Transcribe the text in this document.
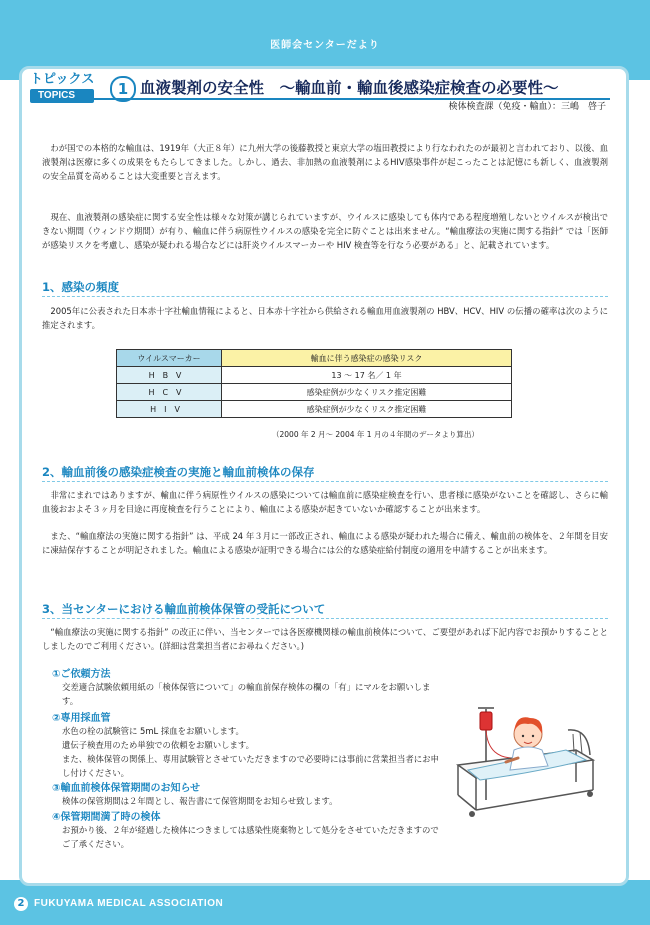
医師会センターだより
トピックス
TOPICS	1 血液製剤の安全性　～輸血前・輸血後感染症検査の必要性～
検体検査課（免疫・輸血）：三嶋　啓子

　わが国での本格的な輸血は、1919年（大正８年）に九州大学の後藤教授と東京大学の塩田教授により行なわれたのが最初と言われており、以後、血液製剤は医療に多くの成果をもたらしてきました。しかし、過去、非加熱の血液製剤によるHIV感染事件が起こったことは記憶にも新しく、血液製剤の安全品質を高めることは大変重要と言えます。

　現在、血液製剤の感染症に関する安全性は様々な対策が講じられていますが、ウイルスに感染しても体内である程度増殖しないとウイルスが検出できない期間（ウィンドウ期間）が有り、輸血に伴う病原性ウイルスの感染を完全に防ぐことは出来ません。“輸血療法の実施に関する指針” では「医師が感染リスクを考慮し、感染が疑われる場合などには肝炎ウイルスマーカーや HIV 検査等を行なう必要がある」と、記載されています。

1、感染の頻度

　2005年に公表された日本赤十字社輸血情報によると、日本赤十字社から供給される輸血用血液製剤の HBV、HCV、HIV の伝播の確率は次のように推定されます。

ウイルスマーカー	輸血に伴う感染症の感染リスク
HBV	13 ～ 17 名／ 1 年
HCV	感染症例が少なくリスク推定困難
HIV	感染症例が少なくリスク推定困難
（2000 年 2 月～ 2004 年 1 月の４年間のデータより算出）
2、輸血前後の感染症検査の実施と輸血前検体の保存

　非常にまれではありますが、輸血に伴う病原性ウイルスの感染については輸血前に感染症検査を行い、患者様に感染がないことを確認し、さらに輸血後おおよそ３ヶ月を目途に再度検査を行うことにより、輸血による感染が起きていないか確認することが出来ます。

　また、“輸血療法の実施に関する指針” は、平成 24 年３月に一部改正され、輸血による感染が疑われた場合に備え、輸血前の検体を、２年間を目安に凍結保存することが明記されました。輸血による感染が証明できる場合には公的な感染症給付制度の適用を申請することが出来ます。

3、当センターにおける輸血前検体保管の受託について

　“輸血療法の実施に関する指針” の改正に伴い、当センターでは各医療機関様の輸血前検体について、ご要望があれば下記内容でお預かりすることとしましたのでご利用ください。(詳細は営業担当者にお尋ねください。)

①ご依頼方法

交差適合試験依頼用紙の「検体保管について」の輸血前保存検体の欄の「有」にマルをお願いします。

②専用採血管

水色の栓の試験管に 5mL 採血をお願いします。
遺伝子検査用のため単独での依頼をお願いします。
また、検体保管の関係上、専用試験管とさせていただきますので必要時には事前に営業担当者にお申し付けください。

③輸血前検体保管期間のお知らせ

検体の保管期間は２年間とし、報告書にて保管期間をお知らせ致します。

④保管期間満了時の検体

お預かり後、２年が経過した検体につきましては感染性廃棄物として処分をさせていただきますのでご了承ください。

2 FUKUYAMA MEDICAL ASSOCIATION
